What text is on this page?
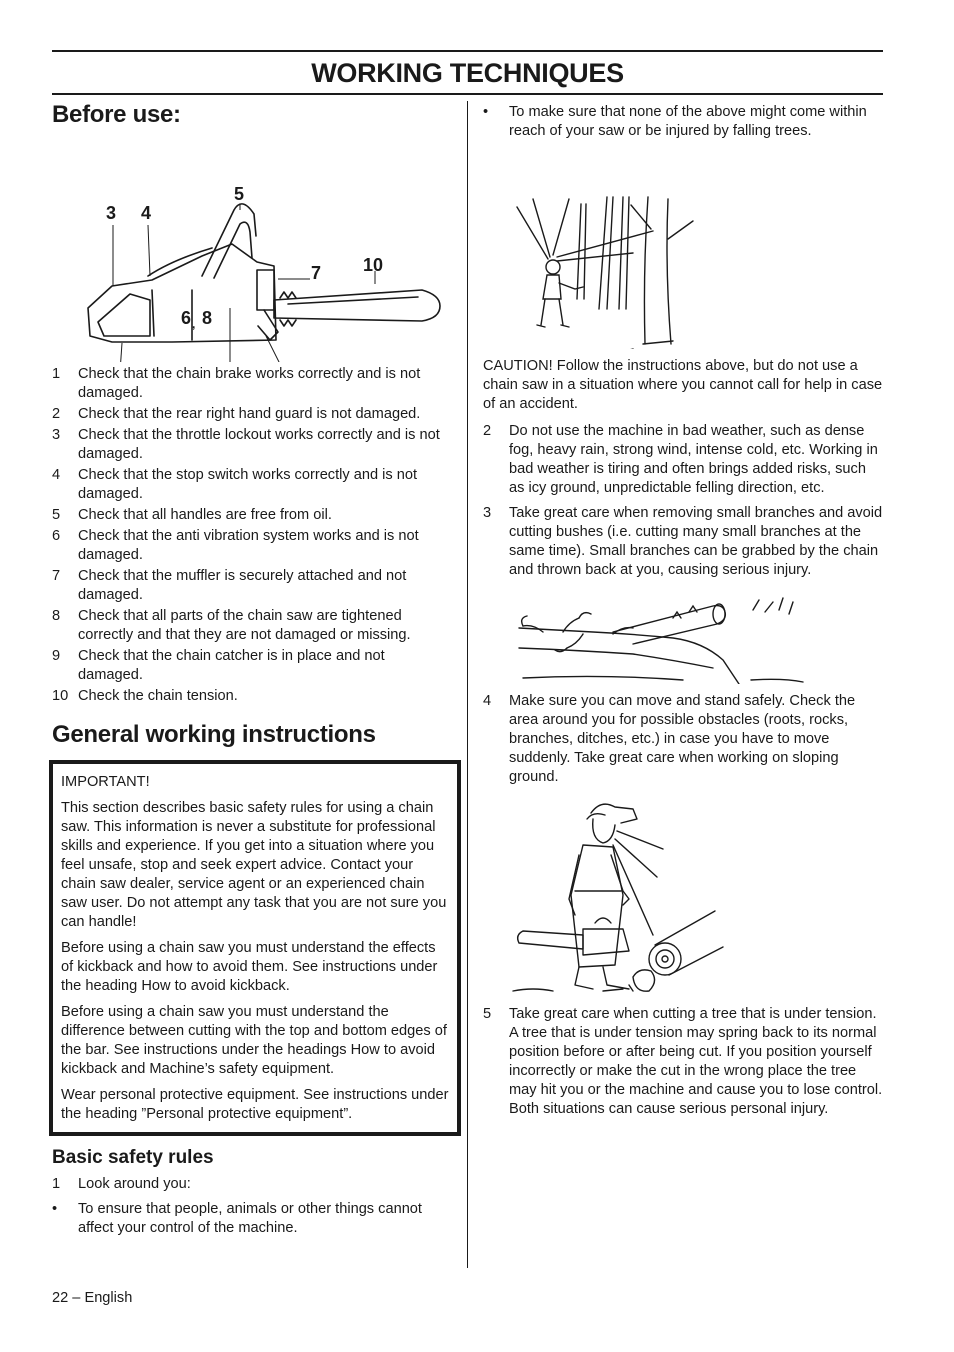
WORKING TECHNIQUES
Before use:
3 4
5
7 10
6 , 8
1 Check that the chain brake works correctly and is not damaged.
2 Check that the rear right hand guard is not damaged.
3 Check that the throttle lockout works correctly and is not damaged.
4 Check that the stop switch works correctly and is not damaged.
5 Check that all handles are free from oil.
6 Check that the anti vibration system works and is not damaged.
7 Check that the muffler is securely attached and not damaged.
8 Check that all parts of the chain saw are tightened correctly and that they are not damaged or missing.
9 Check that the chain catcher is in place and not damaged.
10 Check the chain tension.
General working instructions

IMPORTANT!

This section describes basic safety rules for using a chain saw. This information is never a substitute for professional skills and experience. If you get into a situation where you feel unsafe, stop and seek expert advice. Contact your chain saw dealer, service agent or an experienced chain saw user. Do not attempt any task that you are not sure you can handle!

Before using a chain saw you must understand the effects of kickback and how to avoid them. See instructions under the heading How to avoid kickback.

Before using a chain saw you must understand the difference between cutting with the top and bottom edges of the bar. See instructions under the headings How to avoid kickback and Machine’s safety equipment.

Wear personal protective equipment. See instructions under the heading ”Personal protective equipment”.

Basic safety rules
1 Look around you:
• To ensure that people, animals or other things cannot affect your control of the machine.
• To make sure that none of the above might come within reach of your saw or be injured by falling trees.

CAUTION! Follow the instructions above, but do not use a chain saw in a situation where you cannot call for help in case of an accident.

2 Do not use the machine in bad weather, such as dense fog, heavy rain, strong wind, intense cold, etc. Working in bad weather is tiring and often brings added risks, such as icy ground, unpredictable felling direction, etc.
3 Take great care when removing small branches and avoid cutting bushes (i.e. cutting many small branches at the same time). Small branches can be grabbed by the chain and thrown back at you, causing serious injury.
4 Make sure you can move and stand safely. Check the area around you for possible obstacles (roots, rocks, branches, ditches, etc.) in case you have to move suddenly. Take great care when working on sloping ground.
5 Take great care when cutting a tree that is under tension. A tree that is under tension may spring back to its normal position before or after being cut. If you position yourself incorrectly or make the cut in the wrong place the tree may hit you or the machine and cause you to lose control. Both situations can cause serious personal injury.
22 – English
